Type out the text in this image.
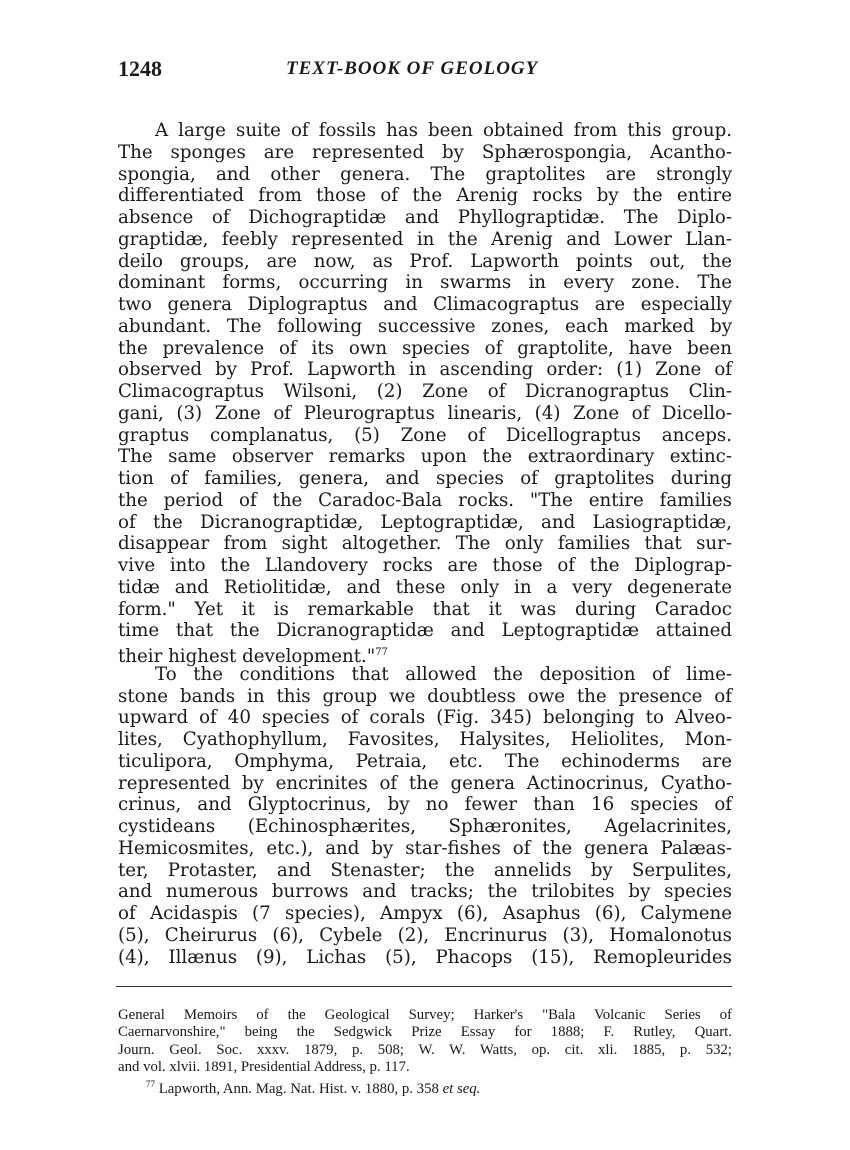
1248	TEXT-BOOK OF GEOLOGY
A large suite of fossils has been obtained from this group.
The sponges are represented by Sphærospongia, Acantho-
spongia, and other genera. The graptolites are strongly
differentiated from those of the Arenig rocks by the entire
absence of Dichograptidæ and Phyllograptidæ. The Diplo-
graptidæ, feebly represented in the Arenig and Lower Llan-
deilo groups, are now, as Prof. Lapworth points out, the
dominant forms, occurring in swarms in every zone. The
two genera Diplograptus and Climacograptus are especially
abundant. The following successive zones, each marked by
the prevalence of its own species of graptolite, have been
observed by Prof. Lapworth in ascending order: (1) Zone of
Climacograptus Wilsoni, (2) Zone of Dicranograptus Clin-
gani, (3) Zone of Pleurograptus linearis, (4) Zone of Dicello-
graptus complanatus, (5) Zone of Dicellograptus anceps.
The same observer remarks upon the extraordinary extinc-
tion of families, genera, and species of graptolites during
the period of the Caradoc-Bala rocks. "The entire families
of the Dicranograptidæ, Leptograptidæ, and Lasiograptidæ,
disappear from sight altogether. The only families that sur-
vive into the Llandovery rocks are those of the Diplograp-
tidæ and Retiolitidæ, and these only in a very degenerate
form." Yet it is remarkable that it was during Caradoc
time that the Dicranograptidæ and Leptograptidæ attained
their highest development."$^{77}$
To the conditions that allowed the deposition of lime-
stone bands in this group we doubtless owe the presence of
upward of 40 species of corals (Fig. 345) belonging to Alveo-
lites, Cyathophyllum, Favosites, Halysites, Heliolites, Mon-
ticulipora, Omphyma, Petraia, etc. The echinoderms are
represented by encrinites of the genera Actinocrinus, Cyatho-
crinus, and Glyptocrinus, by no fewer than 16 species of
cystideans (Echinosphærites, Sphæronites, Agelacrinites,
Hemicosmites, etc.), and by star-fishes of the genera Palæas-
ter, Protaster, and Stenaster; the annelids by Serpulites,
and numerous burrows and tracks; the trilobites by species
of Acidaspis (7 species), Ampyx (6), Asaphus (6), Calymene
(5), Cheirurus (6), Cybele (2), Encrinurus (3), Homalonotus
(4), Illænus (9), Lichas (5), Phacops (15), Remopleurides
General Memoirs of the Geological Survey; Harker's "Bala Volcanic Series of
Caernarvonshire," being the Sedgwick Prize Essay for 1888; F. Rutley, Quart.
Journ. Geol. Soc. xxxv. 1879, p. 508; W. W. Watts, op. cit. xli. 1885, p. 532;
and vol. xlvii. 1891, Presidential Address, p. 117.
$^{77}$ Lapworth, Ann. Mag. Nat. Hist. v. 1880, p. 358 et seq.
